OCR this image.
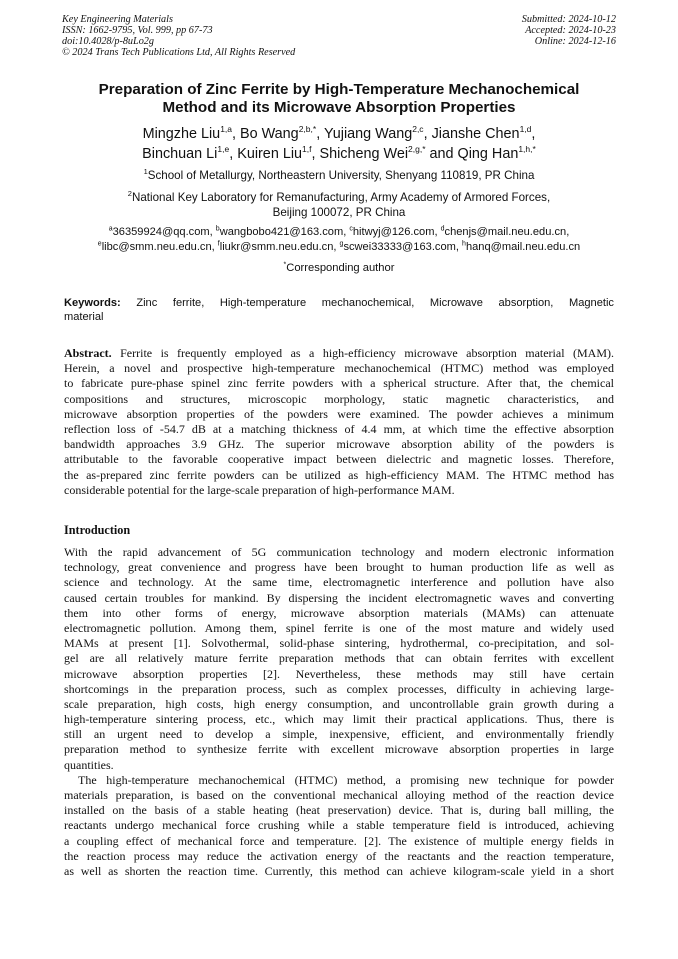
Key Engineering Materials
ISSN: 1662-9795, Vol. 999, pp 67-73
doi:10.4028/p-8uLo2g
© 2024 Trans Tech Publications Ltd, All Rights Reserved
Submitted: 2024-10-12
Accepted: 2024-10-23
Online: 2024-12-16
Preparation of Zinc Ferrite by High-Temperature Mechanochemical
Method and its Microwave Absorption Properties
Mingzhe Liu$^{1,a}$, Bo Wang$^{2,b,*}$, Yujiang Wang$^{2,c}$, Jianshe Chen$^{1,d}$,
Binchuan Li$^{1,e}$, Kuiren Liu$^{1,f}$, Shicheng Wei$^{2,g,*}$ and Qing Han$^{1,h,*}$
$^1$School of Metallurgy, Northeastern University, Shenyang 110819, PR China
$^2$National Key Laboratory for Remanufacturing, Army Academy of Armored Forces,
Beijing 100072, PR China
$^a$36359924@qq.com, $^b$wangbobo421@163.com, $^c$hitwyj@126.com, $^d$chenjs@mail.neu.edu.cn,
$^e$libc@smm.neu.edu.cn, $^f$liukr@smm.neu.edu.cn, $^g$scwei33333@163.com, $^h$hanq@mail.neu.edu.cn
*Corresponding author
Keywords: Zinc ferrite, High-temperature mechanochemical, Microwave absorption, Magnetic
material
Abstract. Ferrite is frequently employed as a high-efficiency microwave absorption material (MAM).
Herein, a novel and prospective high-temperature mechanochemical (HTMC) method was employed
to fabricate pure-phase spinel zinc ferrite powders with a spherical structure. After that, the chemical
compositions and structures, microscopic morphology, static magnetic characteristics, and
microwave absorption properties of the powders were examined. The powder achieves a minimum
reflection loss of -54.7 dB at a matching thickness of 4.4 mm, at which time the effective absorption
bandwidth approaches 3.9 GHz. The superior microwave absorption ability of the powders is
attributable to the favorable cooperative impact between dielectric and magnetic losses. Therefore,
the as-prepared zinc ferrite powders can be utilized as high-efficiency MAM. The HTMC method has
considerable potential for the large-scale preparation of high-performance MAM.
Introduction
With the rapid advancement of 5G communication technology and modern electronic information
technology, great convenience and progress have been brought to human production life as well as
science and technology. At the same time, electromagnetic interference and pollution have also
caused certain troubles for mankind. By dispersing the incident electromagnetic waves and converting
them into other forms of energy, microwave absorption materials (MAMs) can attenuate
electromagnetic pollution. Among them, spinel ferrite is one of the most mature and widely used
MAMs at present [1]. Solvothermal, solid-phase sintering, hydrothermal, co-precipitation, and sol-
gel are all relatively mature ferrite preparation methods that can obtain ferrites with excellent
microwave absorption properties [2]. Nevertheless, these methods may still have certain
shortcomings in the preparation process, such as complex processes, difficulty in achieving large-
scale preparation, high costs, high energy consumption, and uncontrollable grain growth during a
high-temperature sintering process, etc., which may limit their practical applications. Thus, there is
still an urgent need to develop a simple, inexpensive, efficient, and environmentally friendly
preparation method to synthesize ferrite with excellent microwave absorption properties in large
quantities.
The high-temperature mechanochemical (HTMC) method, a promising new technique for powder
materials preparation, is based on the conventional mechanical alloying method of the reaction device
installed on the basis of a stable heating (heat preservation) device. That is, during ball milling, the
reactants undergo mechanical force crushing while a stable temperature field is introduced, achieving
a coupling effect of mechanical force and temperature. [2]. The existence of multiple energy fields in
the reaction process may reduce the activation energy of the reactants and the reaction temperature,
as well as shorten the reaction time. Currently, this method can achieve kilogram-scale yield in a short
